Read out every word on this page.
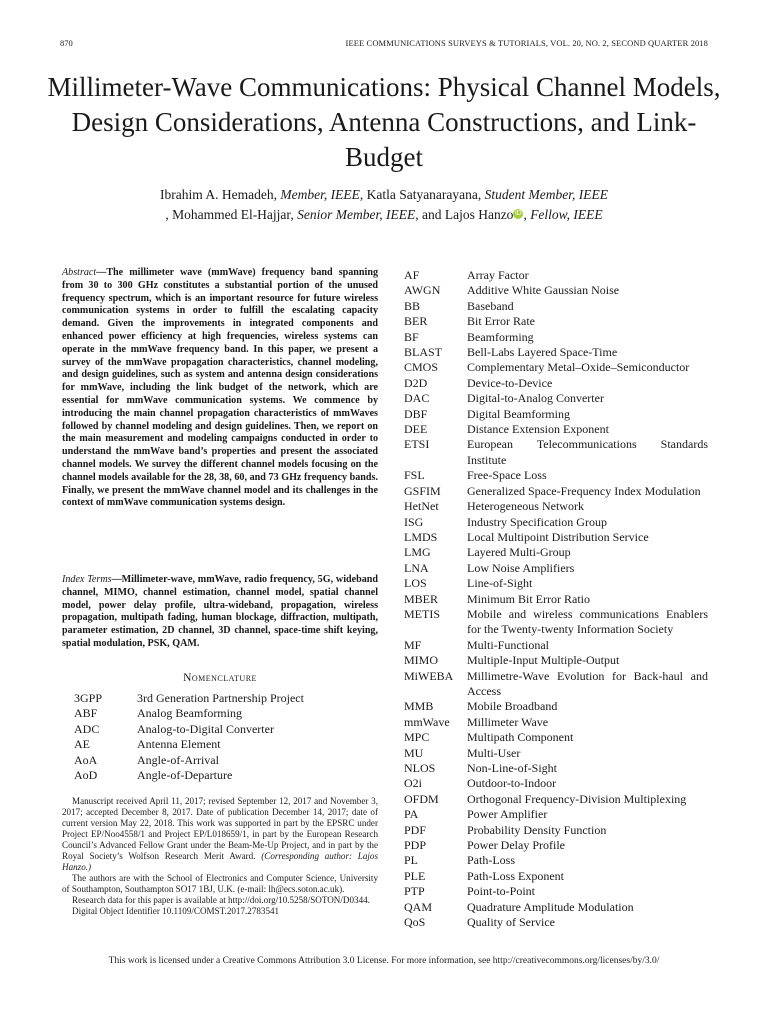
870	IEEE COMMUNICATIONS SURVEYS & TUTORIALS, VOL. 20, NO. 2, SECOND QUARTER 2018
Millimeter-Wave Communications: Physical Channel Models, Design Considerations, Antenna Constructions, and Link-Budget
Ibrahim A. Hemadeh, Member, IEEE, Katla Satyanarayana, Student Member, IEEE
, Mohammed El-Hajjar, Senior Member, IEEE, and Lajos Hanzo iD , Fellow, IEEE
Abstract—The millimeter wave (mmWave) frequency band spanning from 30 to 300 GHz constitutes a substantial portion of the unused frequency spectrum, which is an important resource for future wireless communication systems in order to fulfill the escalating capacity demand. Given the improvements in integrated components and enhanced power efficiency at high frequencies, wireless systems can operate in the mmWave frequency band. In this paper, we present a survey of the mmWave propagation characteristics, channel modeling, and design guidelines, such as system and antenna design considerations for mmWave, including the link budget of the network, which are essential for mmWave communication systems. We commence by introducing the main channel propagation characteristics of mmWaves followed by channel modeling and design guidelines. Then, we report on the main measurement and modeling campaigns conducted in order to understand the mmWave band’s properties and present the associated channel models. We survey the different channel models focusing on the channel models available for the 28, 38, 60, and 73 GHz frequency bands. Finally, we present the mmWave channel model and its challenges in the context of mmWave communication systems design.
Index Terms—Millimeter-wave, mmWave, radio frequency, 5G, wideband channel, MIMO, channel estimation, channel model, spatial channel model, power delay profile, ultra-wideband, propagation, wireless propagation, multipath fading, human blockage, diffraction, multipath, parameter estimation, 2D channel, 3D channel, space-time shift keying, spatial modulation, PSK, QAM.
Nomenclature
3GPP	3rd Generation Partnership Project
ABF	Analog Beamforming
ADC	Analog-to-Digital Converter
AE	Antenna Element
AoA	Angle-of-Arrival
AoD	Angle-of-Departure
AF	Array Factor
AWGN	Additive White Gaussian Noise
BB	Baseband
BER	Bit Error Rate
BF	Beamforming
BLAST	Bell-Labs Layered Space-Time
CMOS	Complementary Metal–Oxide–Semiconductor
D2D	Device-to-Device
DAC	Digital-to-Analog Converter
DBF	Digital Beamforming
DEE	Distance Extension Exponent
ETSI	European Telecommunications Standards Institute
FSL	Free-Space Loss
GSFIM	Generalized Space-Frequency Index Modulation
HetNet	Heterogeneous Network
ISG	Industry Specification Group
LMDS	Local Multipoint Distribution Service
LMG	Layered Multi-Group
LNA	Low Noise Amplifiers
LOS	Line-of-Sight
MBER	Minimum Bit Error Ratio
METIS	Mobile and wireless communications Enablers for the Twenty-twenty Information Society
MF	Multi-Functional
MIMO	Multiple-Input Multiple-Output
MiWEBA	Millimetre-Wave Evolution for Back-haul and Access
MMB	Mobile Broadband
mmWave	Millimeter Wave
MPC	Multipath Component
MU	Multi-User
NLOS	Non-Line-of-Sight
O2i	Outdoor-to-Indoor
OFDM	Orthogonal Frequency-Division Multiplexing
PA	Power Amplifier
PDF	Probability Density Function
PDP	Power Delay Profile
PL	Path-Loss
PLE	Path-Loss Exponent
PTP	Point-to-Point
QAM	Quadrature Amplitude Modulation
QoS	Quality of Service

Manuscript received April 11, 2017; revised September 12, 2017 and November 3, 2017; accepted December 8, 2017. Date of publication December 14, 2017; date of current version May 22, 2018. This work was supported in part by the EPSRC under Project EP/Noo4558/1 and Project EP/L018659/1, in part by the European Research Council’s Advanced Fellow Grant under the Beam-Me-Up Project, and in part by the Royal Society’s Wolfson Research Merit Award. (Corresponding author: Lajos Hanzo.)

The authors are with the School of Electronics and Computer Science, University of Southampton, Southampton SO17 1BJ, U.K. (e-mail: lh@ecs.soton.ac.uk).

Research data for this paper is available at http://doi.org/10.5258/SOTON/D0344.

Digital Object Identifier 10.1109/COMST.2017.2783541

This work is licensed under a Creative Commons Attribution 3.0 License. For more information, see http://creativecommons.org/licenses/by/3.0/
